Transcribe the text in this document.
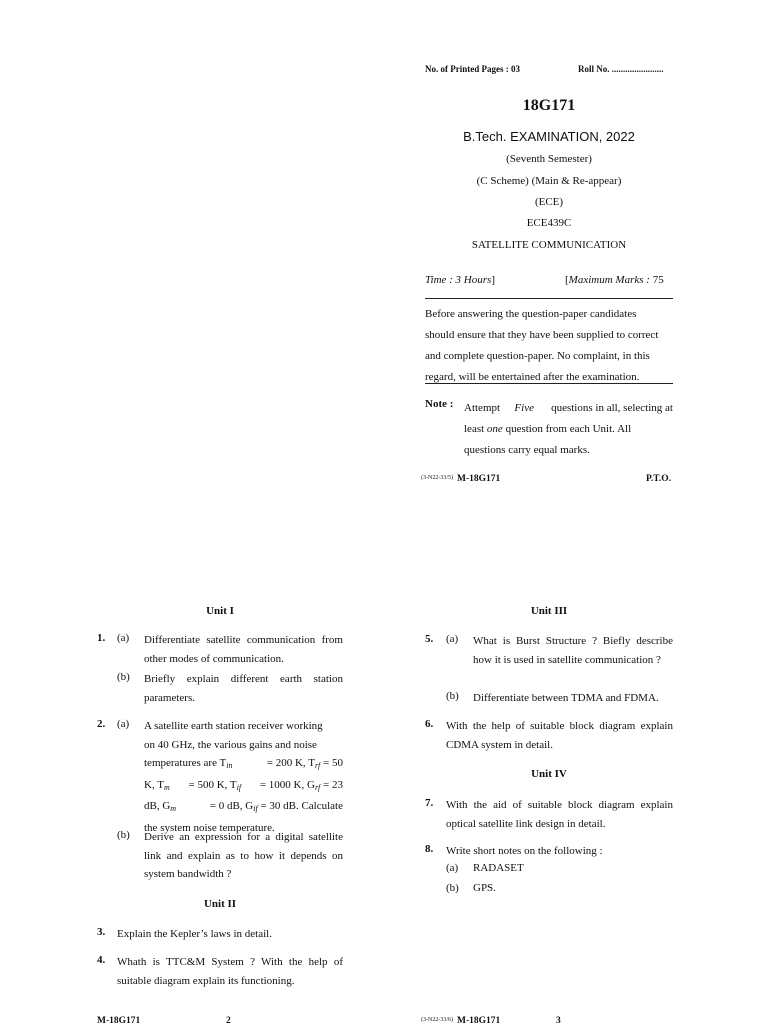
No. of Printed Pages : 03	Roll No. .......................
18G171
B.Tech. EXAMINATION, 2022
(Seventh Semester)
(C Scheme) (Main & Re-appear)
(ECE)
ECE439C
SATELLITE COMMUNICATION
Time : 3 Hours]	[Maximum Marks : 75
Before answering the question-paper candidates
should ensure that they have been supplied to correct
and complete question-paper. No complaint, in this
regard, will be entertained after the examination.
Note : Attempt Five questions in all, selecting at
least one question from each Unit. All
questions carry equal marks.
(3-N22-33/5) M-18G171	P.T.O.
Unit I
1. (a) Differentiate satellite communication from other modes of communication.
(b) Briefly explain different earth station parameters.
2. (a) A satellite earth station receiver working
on 40 GHz, the various gains and noise
temperatures are $T_{in}$	= 200 K, $T_{rf} = 50$
K, $T_m = 500$ K, $T_{if} = 1000$ K, $G_{rf} = 23$
dB, $G_m$	= 0 dB, $G_{if} = 30$ dB. Calculate
the system noise temperature.
(b) Derive an expression for a digital satellite link and explain as to how it depends on system bandwidth ?
Unit II
3. Explain the Kepler’s laws in detail.
4. Whath is TTC&M System ? With the help of suitable diagram explain its functioning.
M-18G171	2
Unit III
5. (a) What is Burst Structure ? Biefly describe how it is used in satellite communication ?
(b) Differentiate between TDMA and FDMA.
6. With the help of suitable block diagram explain CDMA system in detail.
Unit IV
7. With the aid of suitable block diagram explain optical satellite link design in detail.
8. Write short notes on the following :
(a) RADASET
(b) GPS.
(3-N22-33/6) M-18G171	3
